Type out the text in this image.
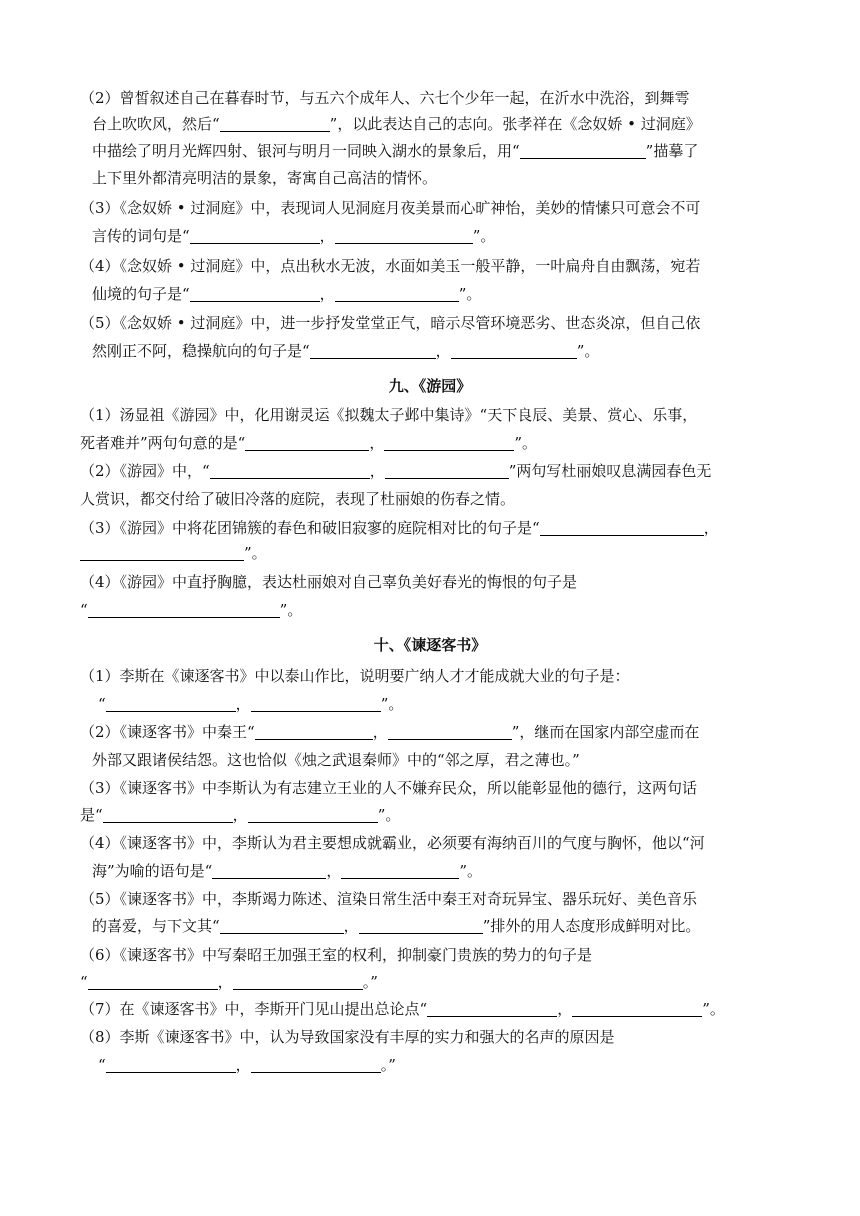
（2）曾皙叙述自己在暮春时节，与五六个成年人、六七个少年一起，在沂水中洗浴，到舞雩
台上吹吹风，然后“	”，以此表达自己的志向。张孝祥在《念奴娇 • 过洞庭》
中描绘了明月光辉四射、银河与明月一同映入湖水的景象后，用“	”描摹了
上下里外都清亮明洁的景象，寄寓自己高洁的情怀。
（3）《念奴娇 • 过洞庭》中，表现词人见洞庭月夜美景而心旷神怡，美妙的情愫只可意会不可
言传的词句是“	，	”。
（4）《念奴娇 • 过洞庭》中，点出秋水无波，水面如美玉一般平静，一叶扁舟自由飘荡，宛若
仙境的句子是“	，	”。
（5）《念奴娇 • 过洞庭》中，进一步抒发堂堂正气，暗示尽管环境恶劣、世态炎凉，但自己依
然刚正不阿，稳操航向的句子是“	，	”。
九、《游园》
（1）汤显祖《游园》中，化用谢灵运《拟魏太子邺中集诗》“天下良辰、美景、赏心、乐事，
死者难并”两句句意的是“	，	”。
（2）《游园》中，“	，	”两句写杜丽娘叹息满园春色无
人赏识，都交付给了破旧冷落的庭院，表现了杜丽娘的伤春之情。
（3）《游园》中将花团锦簇的春色和破旧寂寥的庭院相对比的句子是“	，
”。
（4）《游园》中直抒胸臆，表达杜丽娘对自己辜负美好春光的悔恨的句子是
“	”。
十、《谏逐客书》
（1）李斯在《谏逐客书》中以泰山作比，说明要广纳人才才能成就大业的句子是：
“	，	”。
（2）《谏逐客书》中秦王“	，	”，继而在国家内部空虚而在
外部又跟诸侯结怨。这也恰似《烛之武退秦师》中的“邻之厚，君之薄也。”
（3）《谏逐客书》中李斯认为有志建立王业的人不嫌弃民众，所以能彰显他的德行，这两句话
是“	，	”。
（4）《谏逐客书》中，李斯认为君主要想成就霸业，必须要有海纳百川的气度与胸怀，他以“河
海”为喻的语句是“	，	”。
（5）《谏逐客书》中，李斯竭力陈述、渲染日常生活中秦王对奇玩异宝、器乐玩好、美色音乐
的喜爱，与下文其“	，	”排外的用人态度形成鲜明对比。
（6）《谏逐客书》中写秦昭王加强王室的权利，抑制豪门贵族的势力的句子是
“	，	。”
（7）在《谏逐客书》中，李斯开门见山提出总论点“	，	”。
（8）李斯《谏逐客书》中，认为导致国家没有丰厚的实力和强大的名声的原因是
“	，	。”
